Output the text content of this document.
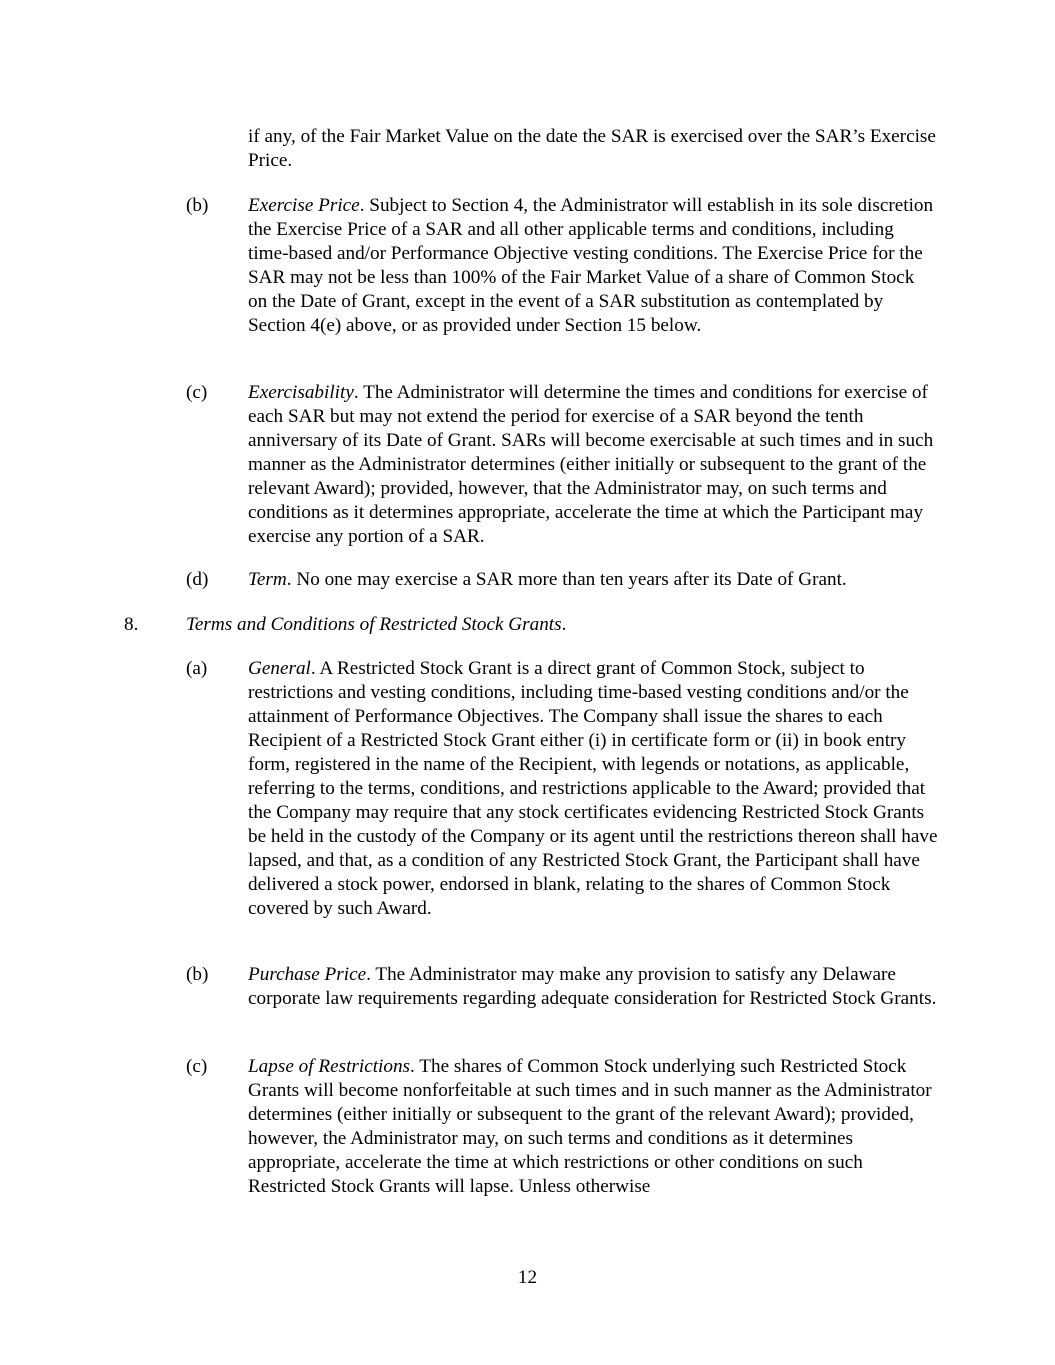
if any, of the Fair Market Value on the date the SAR is exercised over the SAR’s Exercise Price.

(b) Exercise Price. Subject to Section 4, the Administrator will establish in its sole discretion the Exercise Price of a SAR and all other applicable terms and conditions, including time-based and/or Performance Objective vesting conditions. The Exercise Price for the SAR may not be less than 100% of the Fair Market Value of a share of Common Stock on the Date of Grant, except in the event of a SAR substitution as contemplated by Section 4(e) above, or as provided under Section 15 below.

(c) Exercisability. The Administrator will determine the times and conditions for exercise of each SAR but may not extend the period for exercise of a SAR beyond the tenth anniversary of its Date of Grant. SARs will become exercisable at such times and in such manner as the Administrator determines (either initially or subsequent to the grant of the relevant Award); provided, however, that the Administrator may, on such terms and conditions as it determines appropriate, accelerate the time at which the Participant may exercise any portion of a SAR.

(d) Term. No one may exercise a SAR more than ten years after its Date of Grant.

8. Terms and Conditions of Restricted Stock Grants.
(a) General. A Restricted Stock Grant is a direct grant of Common Stock, subject to restrictions and vesting conditions, including time-based vesting conditions and/or the attainment of Performance Objectives. The Company shall issue the shares to each Recipient of a Restricted Stock Grant either (i) in certificate form or (ii) in book entry form, registered in the name of the Recipient, with legends or notations, as applicable, referring to the terms, conditions, and restrictions applicable to the Award; provided that the Company may require that any stock certificates evidencing Restricted Stock Grants be held in the custody of the Company or its agent until the restrictions thereon shall have lapsed, and that, as a condition of any Restricted Stock Grant, the Participant shall have delivered a stock power, endorsed in blank, relating to the shares of Common Stock covered by such Award.

(b) Purchase Price. The Administrator may make any provision to satisfy any Delaware corporate law requirements regarding adequate consideration for Restricted Stock Grants.

(c) Lapse of Restrictions. The shares of Common Stock underlying such Restricted Stock Grants will become nonforfeitable at such times and in such manner as the Administrator determines (either initially or subsequent to the grant of the relevant Award); provided, however, the Administrator may, on such terms and conditions as it determines appropriate, accelerate the time at which restrictions or other conditions on such Restricted Stock Grants will lapse. Unless otherwise

12
